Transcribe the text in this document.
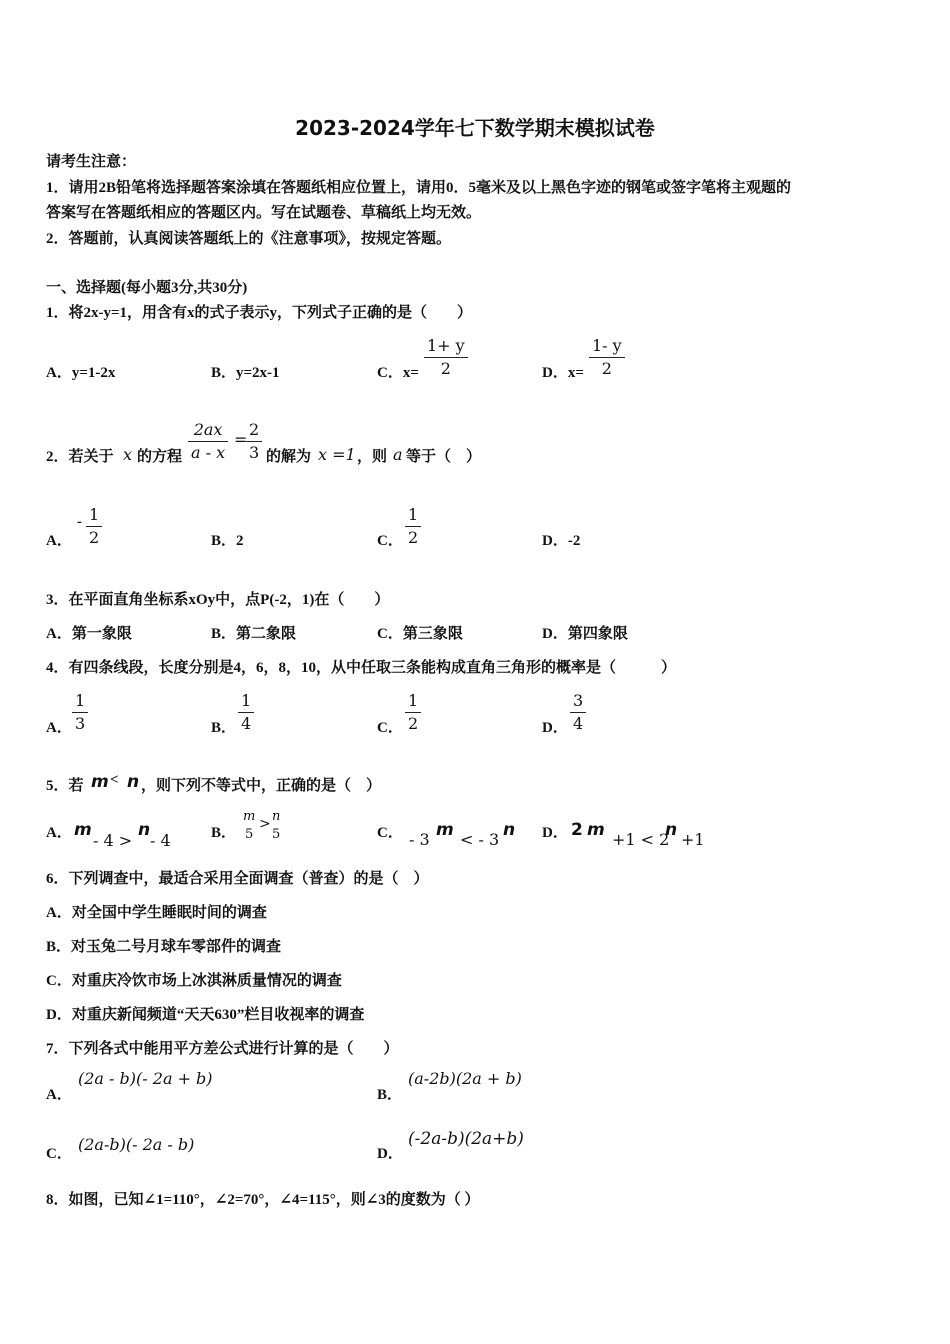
2023-2024学年七下数学期末模拟试卷
请考生注意：
1．请用2B铅笔将选择题答案涂填在答题纸相应位置上，请用0．5毫米及以上黑色字迹的钢笔或签字笔将主观题的
答案写在答题纸相应的答题区内。写在试题卷、草稿纸上均无效。
2．答题前，认真阅读答题纸上的《注意事项》，按规定答题。
一、选择题(每小题3分,共30分)
1．将2x-y=1，用含有x的式子表示y，下列式子正确的是（　　）
A．y=1-2x	B．y=2x-1	C．$x= \frac{1+ y}{2}$	D．$x= \frac{1- y}{2}$
2．若关于 x 的方程 $\frac{2ax}{a - x}$ =
$\frac{2}{3}$ 的解为 x =1 ，则 a 等于（　）
A．
- $\frac{1}{2}$	B．2	C． $\frac{1}{2}$	D．-2
3．在平面直角坐标系xOy中，点P(-2，1)在（　　）
A．第一象限	B．第二象限	C．第三象限	D．第四象限
4．有四条线段，长度分别是4，6，8，10，从中任取三条能构成直角三角形的概率是（　　　）
A． $\frac{1}{3}$	B． $\frac{1}{4}$	C． $\frac{1}{2}$	D． $\frac{3}{4}$
5．若 m < n ，则下列不等式中，正确的是（　）
A． m
- 4 >
n
- 4	B．
m
5
> n
5	C． - 3 m < - 3 n D． 2 m +1 < 2
n +1
6．下列调查中，最适合采用全面调查（普查）的是（　）
A．对全国中学生睡眠时间的调查
B．对玉兔二号月球车零部件的调查
C．对重庆冷饮市场上冰淇淋质量情况的调查
D．对重庆新闻频道“天天630”栏目收视率的调查
7．下列各式中能用平方差公式进行计算的是（　　）
A．
(2a - b)(- 2a + b)
B．
(a-2b)(2a + b)
C． (2a-b)(- 2a - b)	D．
(-2a-b)(2a+b)
8．如图，已知∠1=110°，∠2=70°，∠4=115°，则∠3的度数为（ ）
